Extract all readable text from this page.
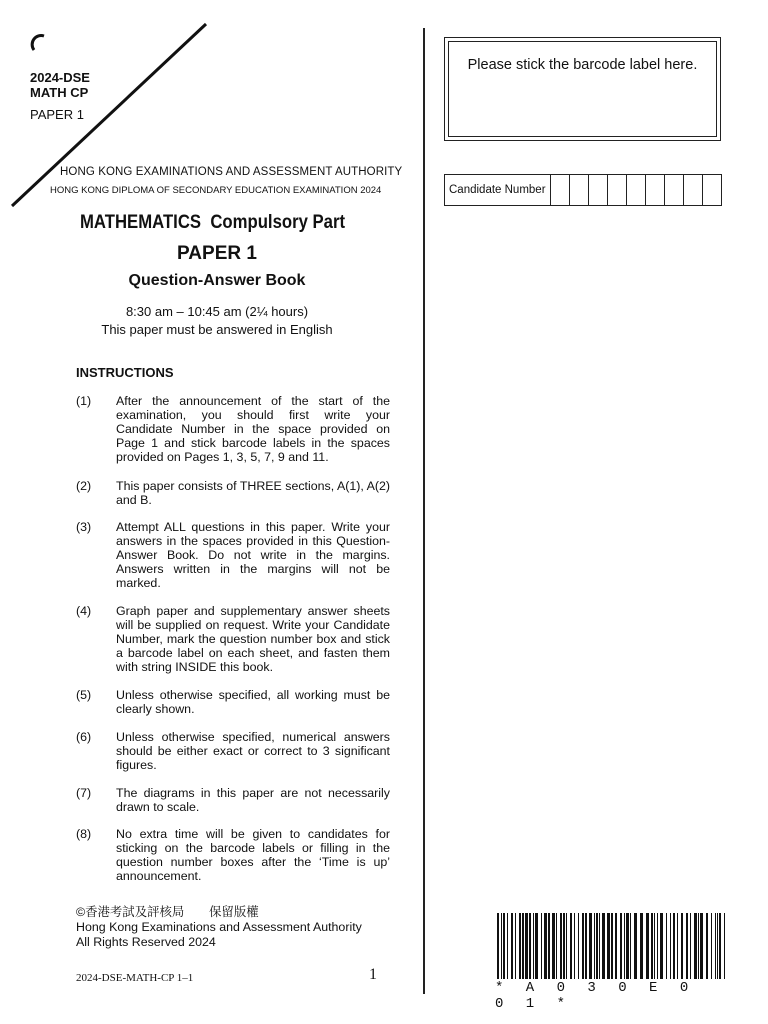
2024-DSE
MATH CP
PAPER 1
HONG KONG EXAMINATIONS AND ASSESSMENT AUTHORITY
HONG KONG DIPLOMA OF SECONDARY EDUCATION EXAMINATION 2024
Please stick the barcode label here.
Candidate Number
MATHEMATICS  Compulsory Part
PAPER 1
Question-Answer Book
8:30 am – 10:45 am (2¼ hours)
This paper must be answered in English
INSTRUCTIONS
(1)	After the announcement of the start of the examination, you should first write your Candidate Number in the space provided on Page 1 and stick barcode labels in the spaces provided on Pages 1, 3, 5, 7, 9 and 11.
(2)	This paper consists of THREE sections, A(1), A(2) and B.
(3)	Attempt ALL questions in this paper. Write your answers in the spaces provided in this Question-Answer Book. Do not write in the margins. Answers written in the margins will not be marked.
(4)	Graph paper and supplementary answer sheets will be supplied on request. Write your Candidate Number, mark the question number box and stick a barcode label on each sheet, and fasten them with string INSIDE this book.
(5)	Unless otherwise specified, all working must be clearly shown.
(6)	Unless otherwise specified, numerical answers should be either exact or correct to 3 significant figures.
(7)	The diagrams in this paper are not necessarily drawn to scale.
(8)	No extra time will be given to candidates for sticking on the barcode labels or filling in the question number boxes after the ‘Time is up’ announcement.
©香港考試及評核局　　保留版權
Hong Kong Examinations and Assessment Authority
All Rights Reserved 2024
2024-DSE-MATH-CP 1–1	1
* A 0 3 0 E 0 0 1 *
